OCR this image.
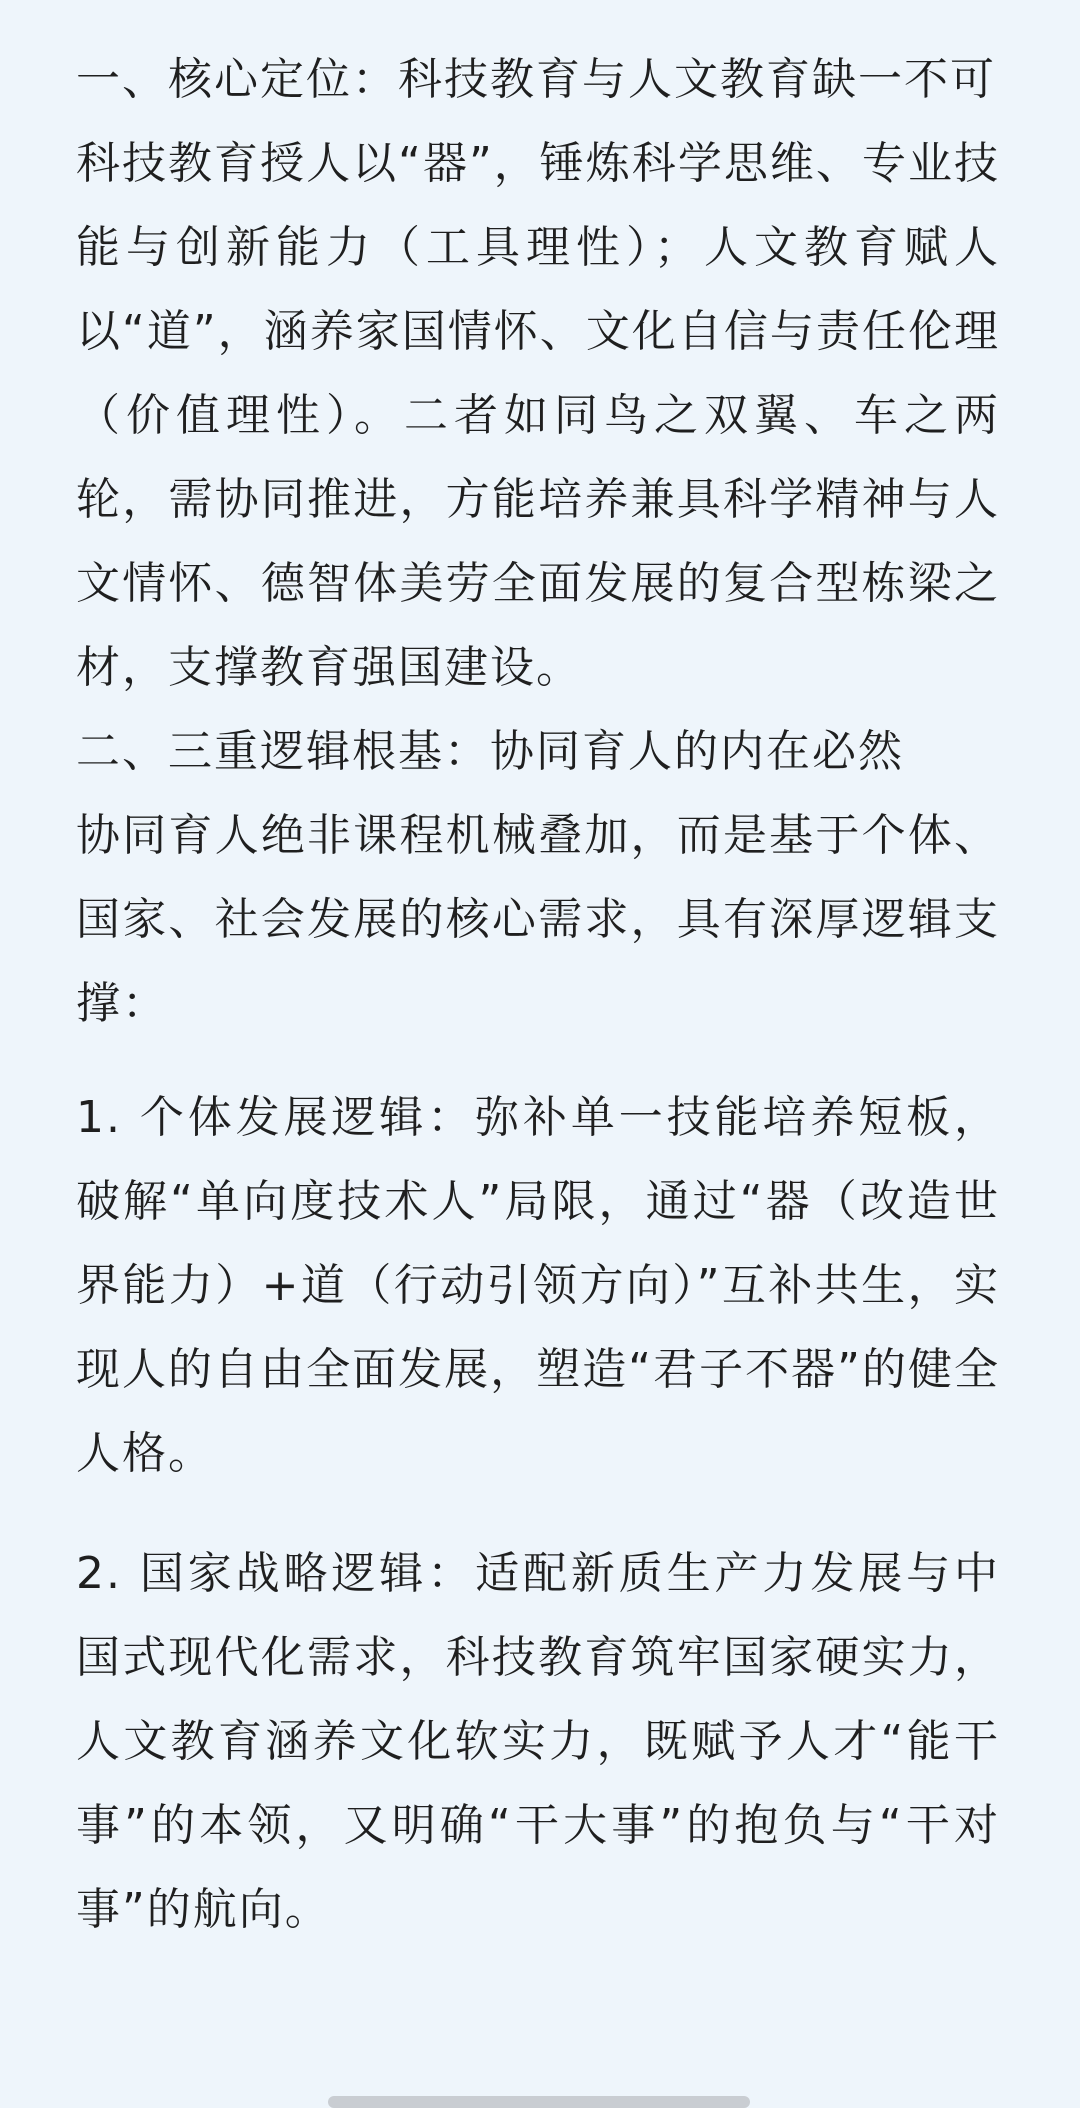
一、核心定位：科技教育与人文教育缺一不可

科技教育授人以“器”，锤炼科学思维、专业技能与创新能力（工具理性）；人文教育赋人以“道”，涵养家国情怀、文化自信与责任伦理（价值理性）。二者如同鸟之双翼、车之两轮，需协同推进，方能培养兼具科学精神与人文情怀、德智体美劳全面发展的复合型栋梁之材，支撑教育强国建设。

二、三重逻辑根基：协同育人的内在必然

协同育人绝非课程机械叠加，而是基于个体、国家、社会发展的核心需求，具有深厚逻辑支撑：

1. 个体发展逻辑：弥补单一技能培养短板，破解“单向度技术人”局限，通过“器（改造世界能力）+道（行动引领方向）”互补共生，实现人的自由全面发展，塑造“君子不器”的健全人格。

2. 国家战略逻辑：适配新质生产力发展与中国式现代化需求，科技教育筑牢国家硬实力，人文教育涵养文化软实力，既赋予人才“能干事”的本领，又明确“干大事”的抱负与“干对事”的航向。
